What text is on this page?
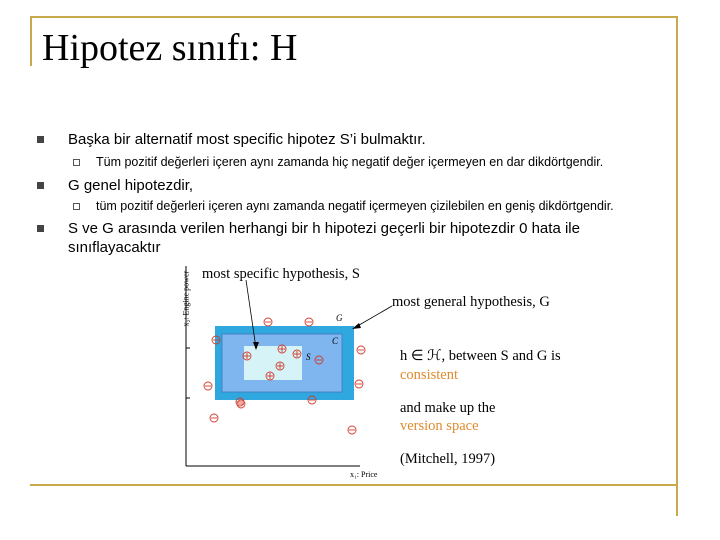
Hipotez sınıfı: H
Başka bir alternatif most specific hipotez S’i bulmaktır.
Tüm pozitif değerleri içeren aynı zamanda hiç negatif değer içermeyen en dar dikdörtgendir.
G genel hipotezdir,
tüm pozitif değerleri içeren aynı zamanda negatif içermeyen çizilebilen en geniş dikdörtgendir.
S ve G arasında verilen herhangi bir h hipotezi geçerli bir hipotezdir 0 hata ile
sınıflayacaktır
most specific hypothesis, S
most general hypothesis, G
G
C
S	h ∈ ℋ, between S and G is
consistent
and make up the
version space
(Mitchell, 1997)
x₂: Engine power
x₁: Price
